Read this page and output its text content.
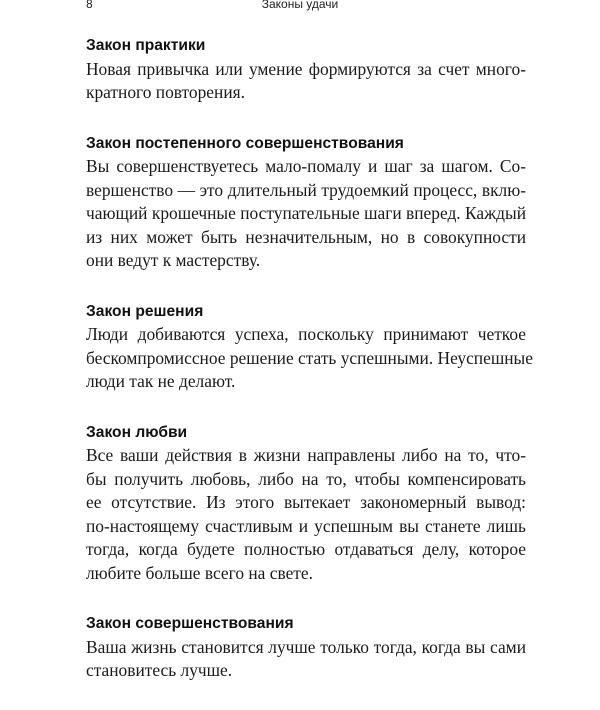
8	Законы удачи

Закон практики

Новая привычка или умение формируются за счет много-
кратного повторения.

Закон постепенного совершенствования

Вы совершенствуетесь мало-помалу и шаг за шагом. Со-
вершенство — это длительный трудоемкий процесс, вклю-
чающий крошечные поступательные шаги вперед. Каждый
из них может быть незначительным, но в совокупности
они ведут к мастерству.

Закон решения

Люди добиваются успеха, поскольку принимают четкое
бескомпромиссное решение стать успешными. Неуспешные
люди так не делают.

Закон любви

Все ваши действия в жизни направлены либо на то, что-
бы получить любовь, либо на то, чтобы компенсировать
ее отсутствие. Из этого вытекает закономерный вывод:
по-настоящему счастливым и успешным вы станете лишь
тогда, когда будете полностью отдаваться делу, которое
любите больше всего на свете.

Закон совершенствования

Ваша жизнь становится лучше только тогда, когда вы сами
становитесь лучше.
